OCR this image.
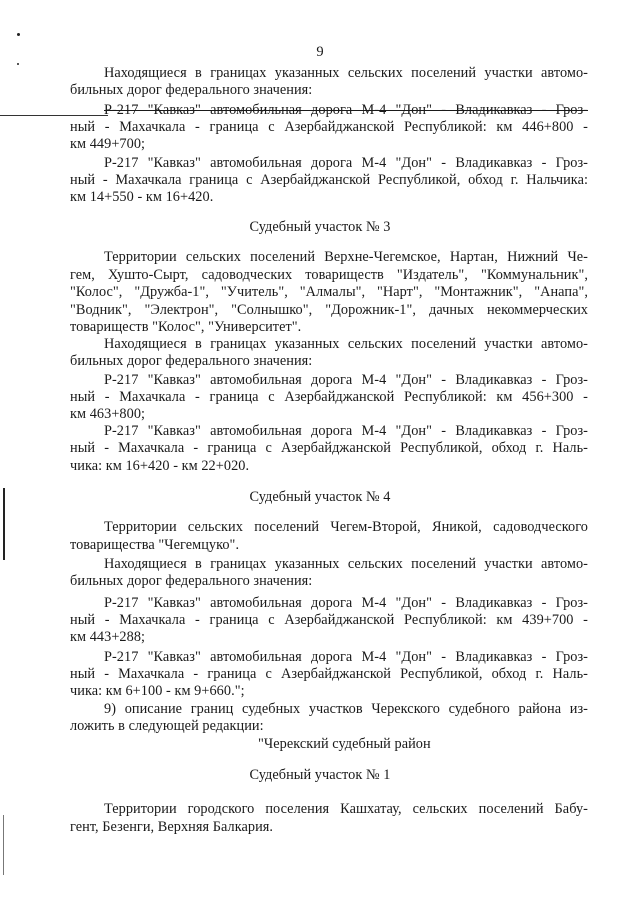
9
Находящиеся в границах указанных сельских поселений участки автомо-
бильных дорог федерального значения:
Р-217 "Кавказ" автомобильная дорога М-4 "Дон" - Владикавказ - Гроз-
ный - Махачкала - граница с Азербайджанской Республикой: км 446+800 -
км 449+700;
Р-217 "Кавказ" автомобильная дорога М-4 "Дон" - Владикавказ - Гроз-
ный - Махачкала граница с Азербайджанской Республикой, обход г. Нальчика:
км 14+550 - км 16+420.
Судебный участок № 3
Территории сельских поселений Верхне-Чегемское, Нартан, Нижний Че-
гем, Хушто-Сырт, садоводческих товариществ "Издатель", "Коммунальник",
"Колос", "Дружба-1", "Учитель", "Алмалы", "Нарт", "Монтажник", "Анапа",
"Водник", "Электрон", "Солнышко", "Дорожник-1", дачных некоммерческих
товариществ "Колос", "Университет".
Находящиеся в границах указанных сельских поселений участки автомо-
бильных дорог федерального значения:
Р-217 "Кавказ" автомобильная дорога М-4 "Дон" - Владикавказ - Гроз-
ный - Махачкала - граница с Азербайджанской Республикой: км 456+300 -
км 463+800;
Р-217 "Кавказ" автомобильная дорога М-4 "Дон" - Владикавказ - Гроз-
ный - Махачкала - граница с Азербайджанской Республикой, обход г. Наль-
чика: км 16+420 - км 22+020.
Судебный участок № 4
Территории сельских поселений Чегем-Второй, Яникой, садоводческого
товарищества "Чегемцуко".
Находящиеся в границах указанных сельских поселений участки автомо-
бильных дорог федерального значения:
Р-217 "Кавказ" автомобильная дорога М-4 "Дон" - Владикавказ - Гроз-
ный - Махачкала - граница с Азербайджанской Республикой: км 439+700 -
км 443+288;
Р-217 "Кавказ" автомобильная дорога М-4 "Дон" - Владикавказ - Гроз-
ный - Махачкала - граница с Азербайджанской Республикой, обход г. Наль-
чика: км 6+100 - км 9+660.";
9) описание границ судебных участков Черекского судебного района из-
ложить в следующей редакции:
"Черекский судебный район
Судебный участок № 1
Территории городского поселения Кашхатау, сельских поселений Бабу-
гент, Безенги, Верхняя Балкария.
